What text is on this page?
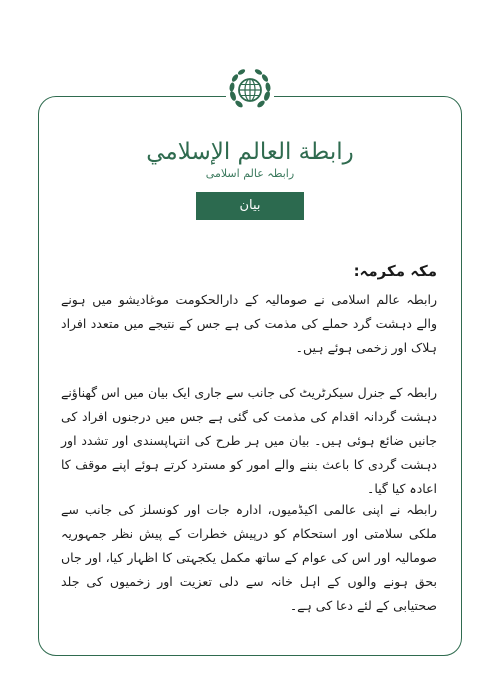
رابطة العالم الإسلامي
رابطہ عالم اسلامی
بیان
مکہ مکرمہ:
رابطہ عالم اسلامی نے صومالیہ کے دارالحکومت موغادیشو میں ہونے والے دہشت گرد حملے کی مذمت کی ہے جس کے نتیجے میں متعدد افراد ہلاک اور زخمی ہوئے ہیں۔
رابطہ کے جنرل سیکرٹریٹ کی جانب سے جاری ایک بیان میں اس گھناؤنے دہشت گردانہ اقدام کی مذمت کی گئی ہے جس میں درجنوں افراد کی جانیں ضائع ہوئی ہیں۔ بیان میں ہر طرح کی انتہاپسندی اور تشدد اور دہشت گردی کا باعث بننے والے امور کو مسترد کرتے ہوئے اپنے موقف کا اعادہ کیا گیا۔
رابطہ نے اپنی عالمی اکیڈمیوں، ادارہ جات اور کونسلز کی جانب سے ملکی سلامتی اور استحکام کو درپیش خطرات کے پیش نظر جمہوریہ صومالیہ اور اس کی عوام کے ساتھ مکمل یکجہتی کا اظہار کیا، اور جاں بحق ہونے والوں کے اہل خانہ سے دلی تعزیت اور زخمیوں کی جلد صحتیابی کے لئے دعا کی ہے۔
